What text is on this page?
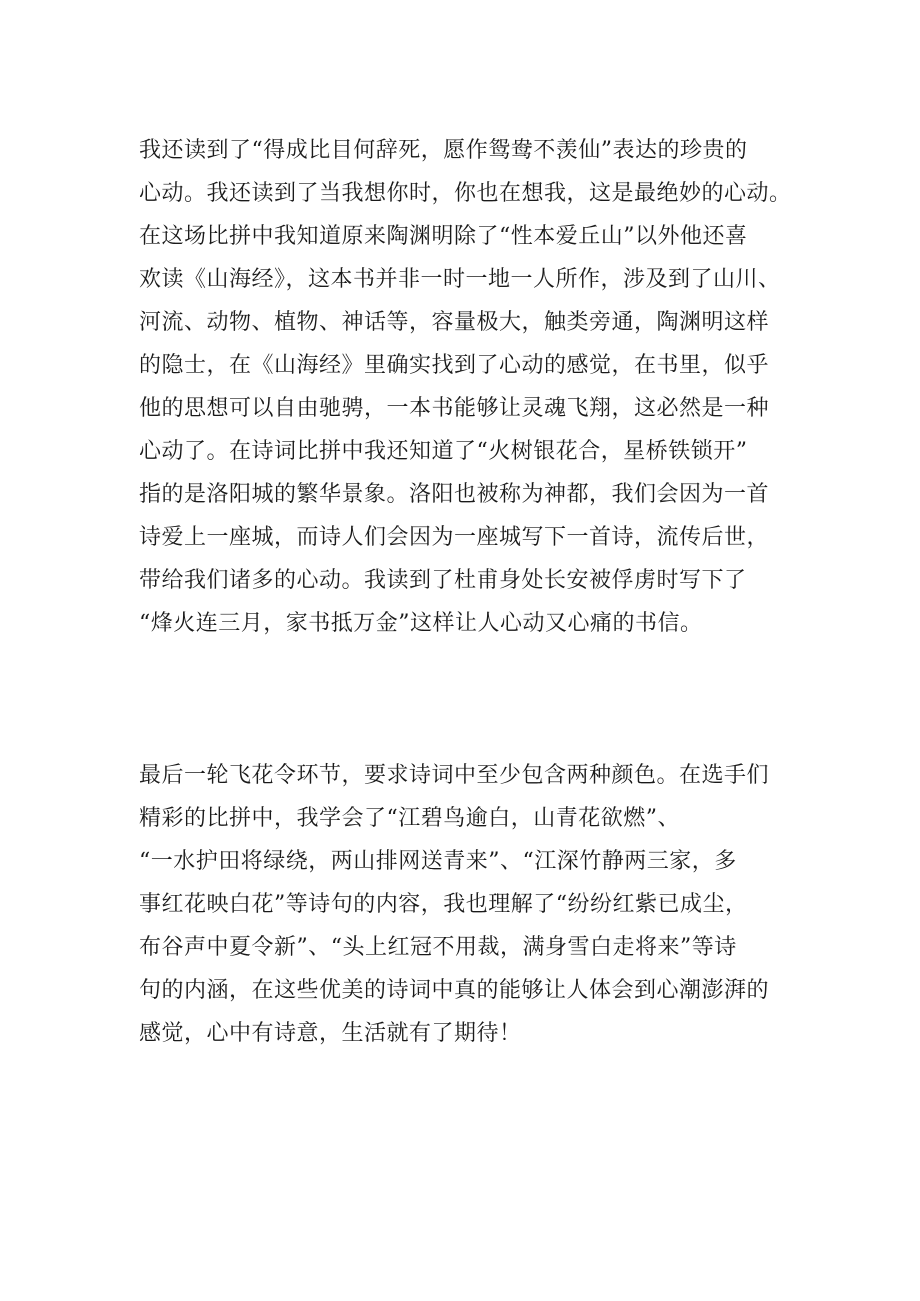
我还读到了“得成比目何辞死，愿作鸳鸯不羡仙”表达的珍贵的
心动。我还读到了当我想你时，你也在想我，这是最绝妙的心动。
在这场比拼中我知道原来陶渊明除了“性本爱丘山”以外他还喜
欢读《山海经》，这本书并非一时一地一人所作，涉及到了山川、
河流、动物、植物、神话等，容量极大，触类旁通，陶渊明这样
的隐士，在《山海经》里确实找到了心动的感觉，在书里，似乎
他的思想可以自由驰骋，一本书能够让灵魂飞翔，这必然是一种
心动了。在诗词比拼中我还知道了“火树银花合，星桥铁锁开”
指的是洛阳城的繁华景象。洛阳也被称为神都，我们会因为一首
诗爱上一座城，而诗人们会因为一座城写下一首诗，流传后世，
带给我们诸多的心动。我读到了杜甫身处长安被俘虏时写下了
“烽火连三月，家书抵万金”这样让人心动又心痛的书信。
最后一轮飞花令环节，要求诗词中至少包含两种颜色。在选手们
精彩的比拼中，我学会了“江碧鸟逾白，山青花欲燃”、
“一水护田将绿绕，两山排网送青来”、“江深竹静两三家，多
事红花映白花”等诗句的内容，我也理解了“纷纷红紫已成尘，
布谷声中夏令新”、“头上红冠不用裁，满身雪白走将来”等诗
句的内涵，在这些优美的诗词中真的能够让人体会到心潮澎湃的
感觉，心中有诗意，生活就有了期待！
